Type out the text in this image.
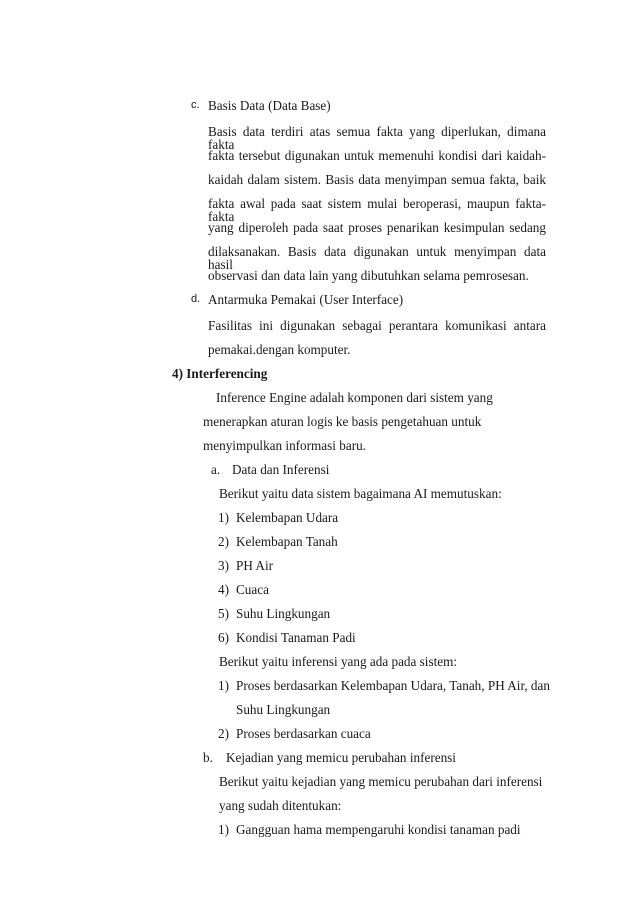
c. Basis Data (Data Base)
Basis data terdiri atas semua fakta yang diperlukan, dimana fakta
fakta tersebut digunakan untuk memenuhi kondisi dari kaidah-
kaidah dalam sistem. Basis data menyimpan semua fakta, baik
fakta awal pada saat sistem mulai beroperasi, maupun fakta-fakta
yang diperoleh pada saat proses penarikan kesimpulan sedang
dilaksanakan. Basis data digunakan untuk menyimpan data hasil
observasi dan data lain yang dibutuhkan selama pemrosesan.
d. Antarmuka Pemakai (User Interface)
Fasilitas ini digunakan sebagai perantara komunikasi antara
pemakai.dengan komputer.
4) Interferencing
Inference Engine adalah komponen dari sistem yang
menerapkan aturan logis ke basis pengetahuan untuk
menyimpulkan informasi baru.
a. Data dan Inferensi
Berikut yaitu data sistem bagaimana AI memutuskan:
1) Kelembapan Udara
2) Kelembapan Tanah
3) PH Air
4) Cuaca
5) Suhu Lingkungan
6) Kondisi Tanaman Padi
Berikut yaitu inferensi yang ada pada sistem:
1) Proses berdasarkan Kelembapan Udara, Tanah, PH Air, dan
Suhu Lingkungan
2) Proses berdasarkan cuaca
b. Kejadian yang memicu perubahan inferensi
Berikut yaitu kejadian yang memicu perubahan dari inferensi
yang sudah ditentukan:
1) Gangguan hama mempengaruhi kondisi tanaman padi
